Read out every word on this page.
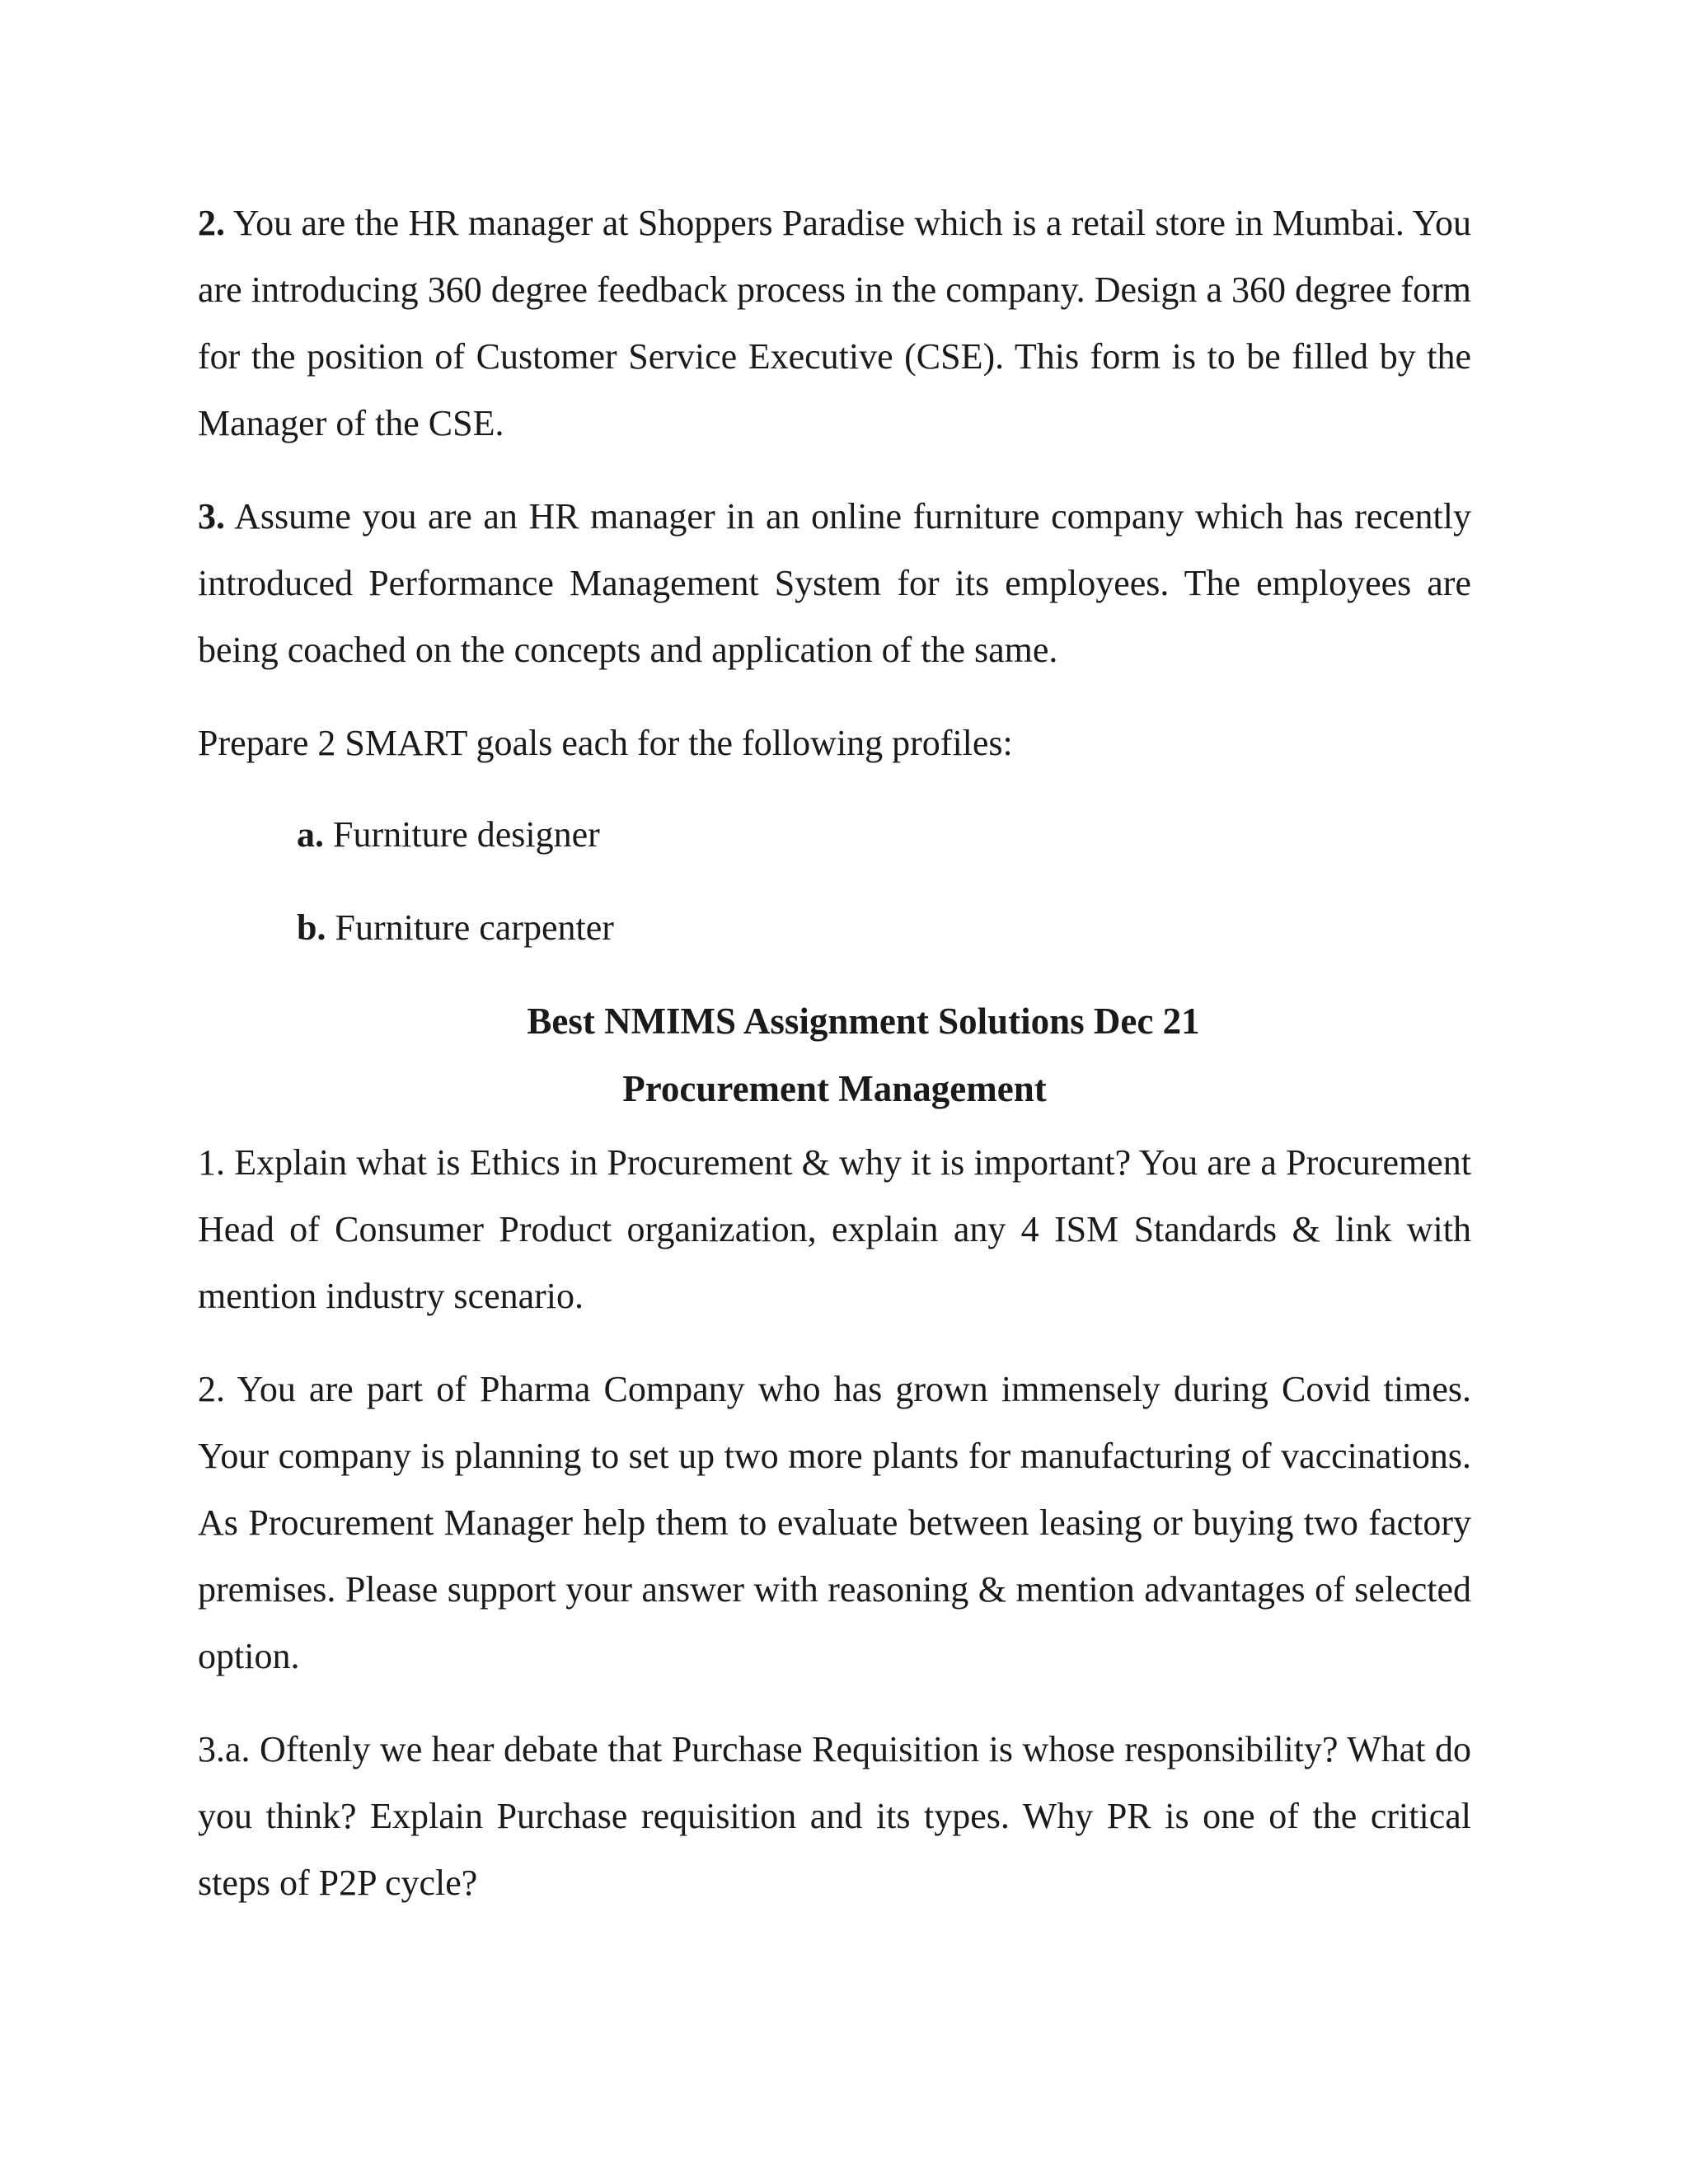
2. You are the HR manager at Shoppers Paradise which is a retail store in Mumbai. You are introducing 360 degree feedback process in the company. Design a 360 degree form for the position of Customer Service Executive (CSE). This form is to be filled by the Manager of the CSE.

3. Assume you are an HR manager in an online furniture company which has recently introduced Performance Management System for its employees. The employees are being coached on the concepts and application of the same.

Prepare 2 SMART goals each for the following profiles:

a. Furniture designer

b. Furniture carpenter

Best NMIMS Assignment Solutions Dec 21

Procurement Management

1. Explain what is Ethics in Procurement & why it is important? You are a Procurement Head of Consumer Product organization, explain any 4 ISM Standards & link with mention industry scenario.

2. You are part of Pharma Company who has grown immensely during Covid times. Your company is planning to set up two more plants for manufacturing of vaccinations. As Procurement Manager help them to evaluate between leasing or buying two factory premises. Please support your answer with reasoning & mention advantages of selected option.

3.a. Oftenly we hear debate that Purchase Requisition is whose responsibility? What do you think? Explain Purchase requisition and its types. Why PR is one of the critical steps of P2P cycle?
